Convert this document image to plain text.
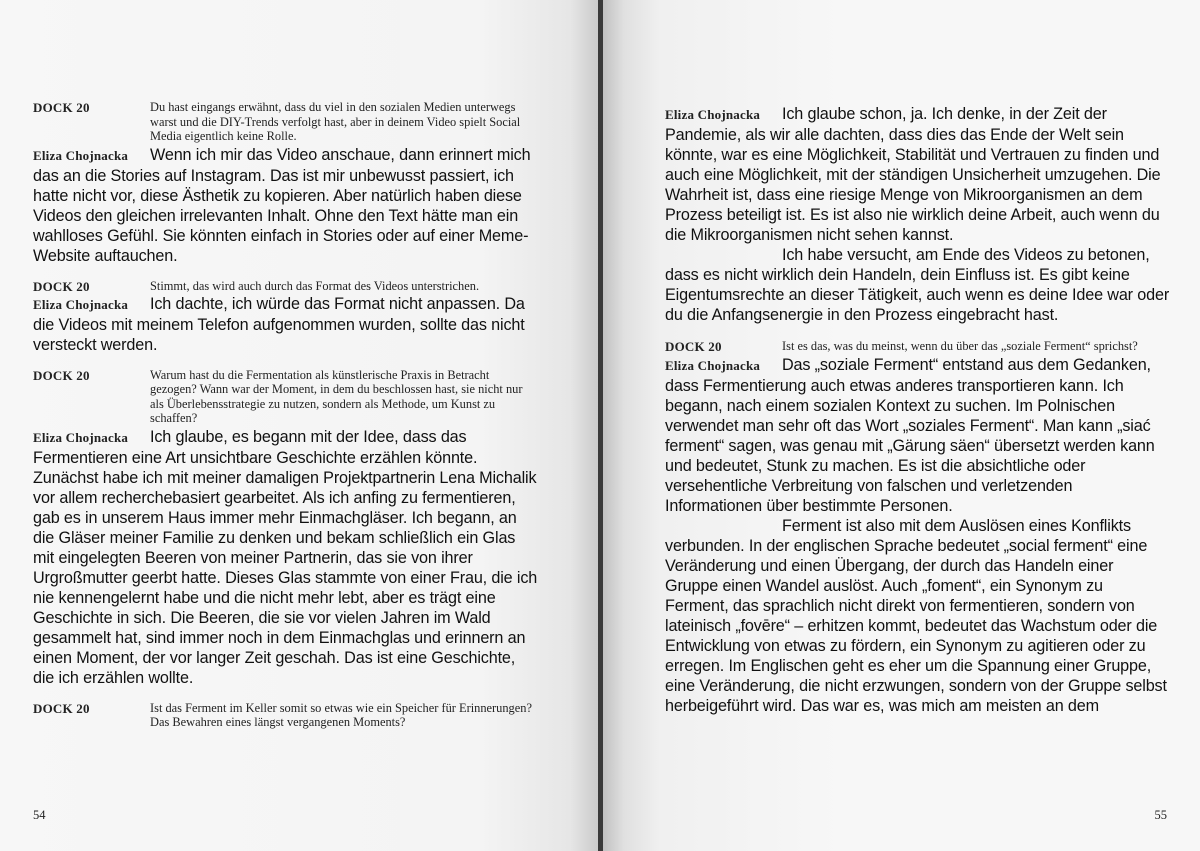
DOCK 20	Du hast eingangs erwähnt, dass du viel in den sozialen Medien unterwegs warst und die DIY-Trends verfolgt hast, aber in deinem Video spielt Social Media eigentlich keine Rolle.

Eliza Chojnacka Wenn ich mir das Video anschaue, dann erinnert mich das an die Stories auf Instagram. Das ist mir unbewusst passiert, ich hatte nicht vor, diese Ästhetik zu kopieren. Aber natürlich haben diese Videos den gleichen irrelevanten Inhalt. Ohne den Text hätte man ein wahlloses Gefühl. Sie könnten einfach in Stories oder auf einer Meme-Website auftauchen.

DOCK 20	Stimmt, das wird auch durch das Format des Videos unterstrichen.

Eliza Chojnacka Ich dachte, ich würde das Format nicht anpassen. Da die Videos mit meinem Telefon aufgenommen wurden, sollte das nicht versteckt werden.

DOCK 20	Warum hast du die Fermentation als künstlerische Praxis in Betracht gezogen? Wann war der Moment, in dem du beschlossen hast, sie nicht nur als Überlebensstrategie zu nutzen, sondern als Methode, um Kunst zu schaffen?

Eliza Chojnacka Ich glaube, es begann mit der Idee, dass das Fermentieren eine Art unsichtbare Geschichte erzählen könnte. Zunächst habe ich mit meiner damaligen Projektpartnerin Lena Michalik vor allem recherchebasiert gearbeitet. Als ich anfing zu fermentieren, gab es in unserem Haus immer mehr Einmachgläser. Ich begann, an die Gläser meiner Familie zu denken und bekam schließlich ein Glas mit eingelegten Beeren von meiner Partnerin, das sie von ihrer Urgroßmutter geerbt hatte. Dieses Glas stammte von einer Frau, die ich nie kennengelernt habe und die nicht mehr lebt, aber es trägt eine Geschichte in sich. Die Beeren, die sie vor vielen Jahren im Wald gesammelt hat, sind immer noch in dem Einmachglas und erinnern an einen Moment, der vor langer Zeit geschah. Das ist eine Geschichte, die ich erzählen wollte.

DOCK 20	Ist das Ferment im Keller somit so etwas wie ein Speicher für Erinnerungen? Das Bewahren eines längst vergangenen Moments?
54

Eliza Chojnacka Ich glaube schon, ja. Ich denke, in der Zeit der Pandemie, als wir alle dachten, dass dies das Ende der Welt sein könnte, war es eine Möglichkeit, Stabilität und Vertrauen zu finden und auch eine Möglichkeit, mit der ständigen Unsicherheit umzugehen. Die Wahrheit ist, dass eine riesige Menge von Mikroorganismen an dem Prozess beteiligt ist. Es ist also nie wirklich deine Arbeit, auch wenn du die Mikroorganismen nicht sehen kannst.

Ich habe versucht, am Ende des Videos zu betonen, dass es nicht wirklich dein Handeln, dein Einfluss ist. Es gibt keine Eigentumsrechte an dieser Tätigkeit, auch wenn es deine Idee war oder du die Anfangsenergie in den Prozess eingebracht hast.

DOCK 20	Ist es das, was du meinst, wenn du über das „soziale Ferment“ sprichst?

Eliza Chojnacka Das „soziale Ferment“ entstand aus dem Gedanken, dass Fermentierung auch etwas anderes transportieren kann. Ich begann, nach einem sozialen Kontext zu suchen. Im Polnischen verwendet man sehr oft das Wort „soziales Ferment“. Man kann „siać ferment“ sagen, was genau mit „Gärung säen“ übersetzt werden kann und bedeutet, Stunk zu machen. Es ist die absichtliche oder versehentliche Verbreitung von falschen und verletzenden Informationen über bestimmte Personen.

Ferment ist also mit dem Auslösen eines Konflikts verbunden. In der englischen Sprache bedeutet „social ferment“ eine Veränderung und einen Übergang, der durch das Handeln einer Gruppe einen Wandel auslöst. Auch „foment“, ein Synonym zu Ferment, das sprachlich nicht direkt von fermentieren, sondern von lateinisch „fovēre“ – erhitzen kommt, bedeutet das Wachstum oder die Entwicklung von etwas zu fördern, ein Synonym zu agitieren oder zu erregen. Im Englischen geht es eher um die Spannung einer Gruppe, eine Veränderung, die nicht erzwungen, sondern von der Gruppe selbst herbeigeführt wird. Das war es, was mich am meisten an dem

55
